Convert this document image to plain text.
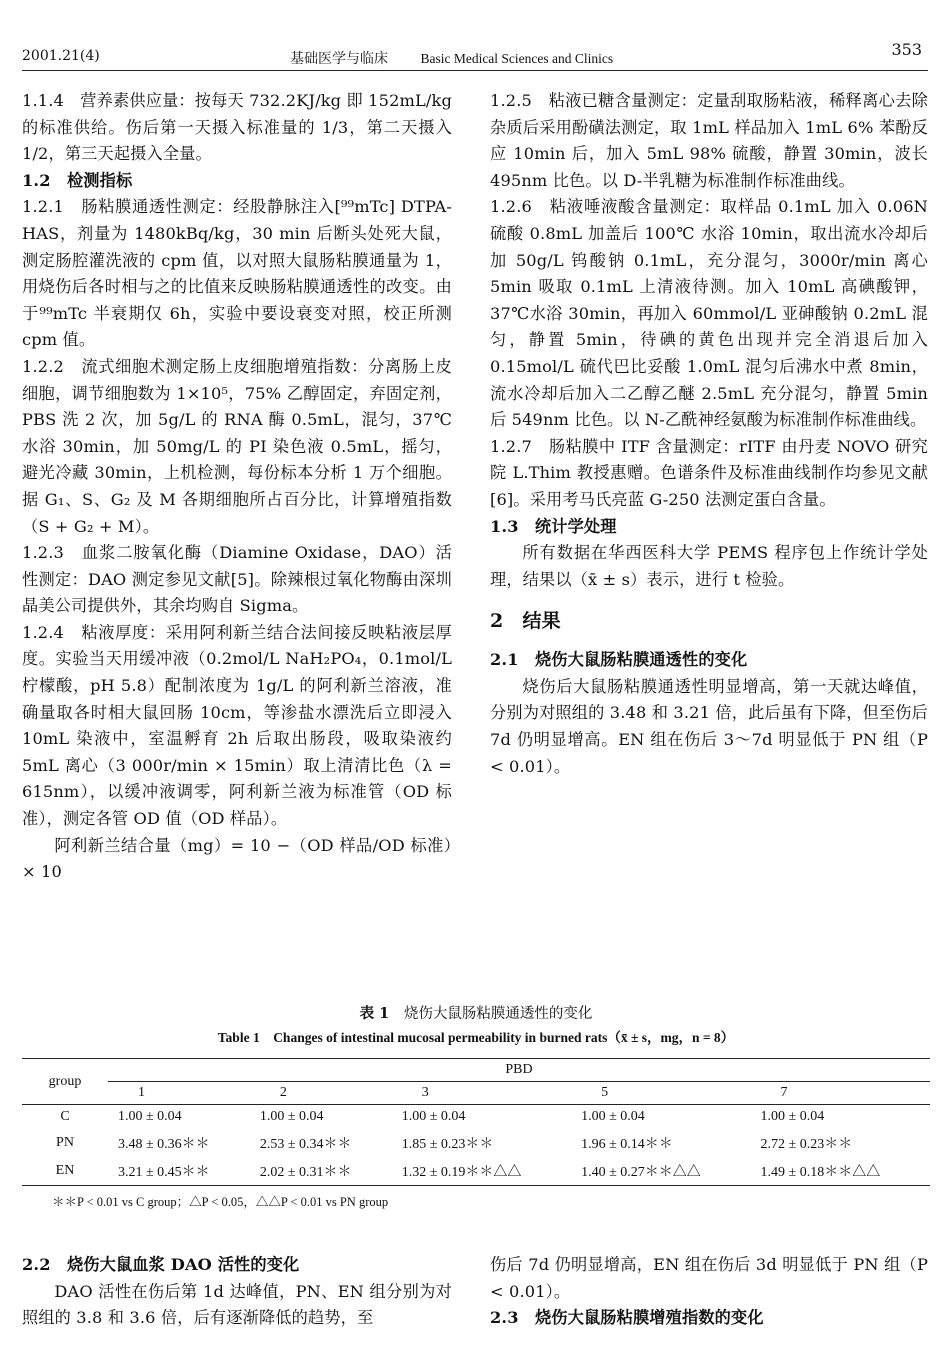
2001.21(4)	基础医学与临床 Basic Medical Sciences and Clinics	353

1.1.4　营养素供应量：按每天 732.2KJ/kg 即 152mL/kg 的标准供给。伤后第一天摄入标准量的 1/3，第二天摄入 1/2，第三天起摄入全量。

1.2　检测指标

1.2.1　肠粘膜通透性测定：经股静脉注入[⁹⁹mTc] DTPA-HAS，剂量为 1480kBq/kg，30 min 后断头处死大鼠，测定肠腔灌洗液的 cpm 值，以对照大鼠肠粘膜通量为 1，用烧伤后各时相与之的比值来反映肠粘膜通透性的改变。由于⁹⁹mTc 半衰期仅 6h，实验中要设衰变对照，校正所测 cpm 值。

1.2.2　流式细胞术测定肠上皮细胞增殖指数：分离肠上皮细胞，调节细胞数为 1×10⁵，75% 乙醇固定，弃固定剂，PBS 洗 2 次，加 5g/L 的 RNA 酶 0.5mL，混匀，37℃水浴 30min，加 50mg/L 的 PI 染色液 0.5mL，摇匀，避光冷藏 30min，上机检测，每份标本分析 1 万个细胞。据 G₁、S、G₂ 及 M 各期细胞所占百分比，计算增殖指数（S + G₂ + M）。

1.2.3　血浆二胺氧化酶（Diamine Oxidase，DAO）活性测定：DAO 测定参见文献[5]。除辣根过氧化物酶由深圳晶美公司提供外，其余均购自 Sigma。

1.2.4　粘液厚度：采用阿利新兰结合法间接反映粘液层厚度。实验当天用缓冲液（0.2mol/L NaH₂PO₄，0.1mol/L 柠檬酸，pH 5.8）配制浓度为 1g/L 的阿利新兰溶液，准确量取各时相大鼠回肠 10cm，等渗盐水漂洗后立即浸入 10mL 染液中，室温孵育 2h 后取出肠段，吸取染液约 5mL 离心（3 000r/min × 15min）取上清清比色（λ = 615nm），以缓冲液调零，阿利新兰液为标准管（OD 标准），测定各管 OD 值（OD 样品）。

阿利新兰结合量（mg）= 10 −（OD 样品/OD 标准）× 10

1.2.5　粘液已糖含量测定：定量刮取肠粘液，稀释离心去除杂质后采用酚磺法测定，取 1mL 样品加入 1mL 6% 苯酚反应 10min 后，加入 5mL 98% 硫酸，静置 30min，波长 495nm 比色。以 D-半乳糖为标准制作标准曲线。

1.2.6　粘液唾液酸含量测定：取样品 0.1mL 加入 0.06N 硫酸 0.8mL 加盖后 100℃ 水浴 10min，取出流水冷却后加 50g/L 钨酸钠 0.1mL，充分混匀，3000r/min 离心 5min 吸取 0.1mL 上清液待测。加入 10mL 高碘酸钾，37℃水浴 30min，再加入 60mmol/L 亚砷酸钠 0.2mL 混匀，静置 5min，待碘的黄色出现并完全消退后加入 0.15mol/L 硫代巴比妥酸 1.0mL 混匀后沸水中煮 8min，流水冷却后加入二乙醇乙醚 2.5mL 充分混匀，静置 5min 后 549nm 比色。以 N-乙酰神经氨酸为标准制作标准曲线。

1.2.7　肠粘膜中 ITF 含量测定：rITF 由丹麦 NOVO 研究院 L.Thim 教授惠赠。色谱条件及标准曲线制作均参见文献[6]。采用考马氏亮蓝 G-250 法测定蛋白含量。

1.3　统计学处理

所有数据在华西医科大学 PEMS 程序包上作统计学处理，结果以（x̄ ± s）表示，进行 t 检验。

2　结果

2.1　烧伤大鼠肠粘膜通透性的变化

烧伤后大鼠肠粘膜通透性明显增高，第一天就达峰值，分别为对照组的 3.48 和 3.21 倍，此后虽有下降，但至伤后 7d 仍明显增高。EN 组在伤后 3～7d 明显低于 PN 组（P < 0.01）。

表 1 烧伤大鼠肠粘膜通透性的变化
Table 1　Changes of intestinal mucosal permeability in burned rats（x̄ ± s，mg，n = 8）
group	PBD				
	1	2	3	5	7
C	1.00 ± 0.04	1.00 ± 0.04	1.00 ± 0.04	1.00 ± 0.04	1.00 ± 0.04
PN	3.48 ± 0.36＊＊	2.53 ± 0.34＊＊	1.85 ± 0.23＊＊	1.96 ± 0.14＊＊	2.72 ± 0.23＊＊
EN	3.21 ± 0.45＊＊	2.02 ± 0.31＊＊	1.32 ± 0.19＊＊△△	1.40 ± 0.27＊＊△△	1.49 ± 0.18＊＊△△
＊＊P < 0.01 vs C group；△P < 0.05，△△P < 0.01 vs PN group

2.2　烧伤大鼠血浆 DAO 活性的变化

DAO 活性在伤后第 1d 达峰值，PN、EN 组分别为对照组的 3.8 和 3.6 倍，后有逐渐降低的趋势，至

伤后 7d 仍明显增高，EN 组在伤后 3d 明显低于 PN 组（P < 0.01）。

2.3　烧伤大鼠肠粘膜增殖指数的变化
